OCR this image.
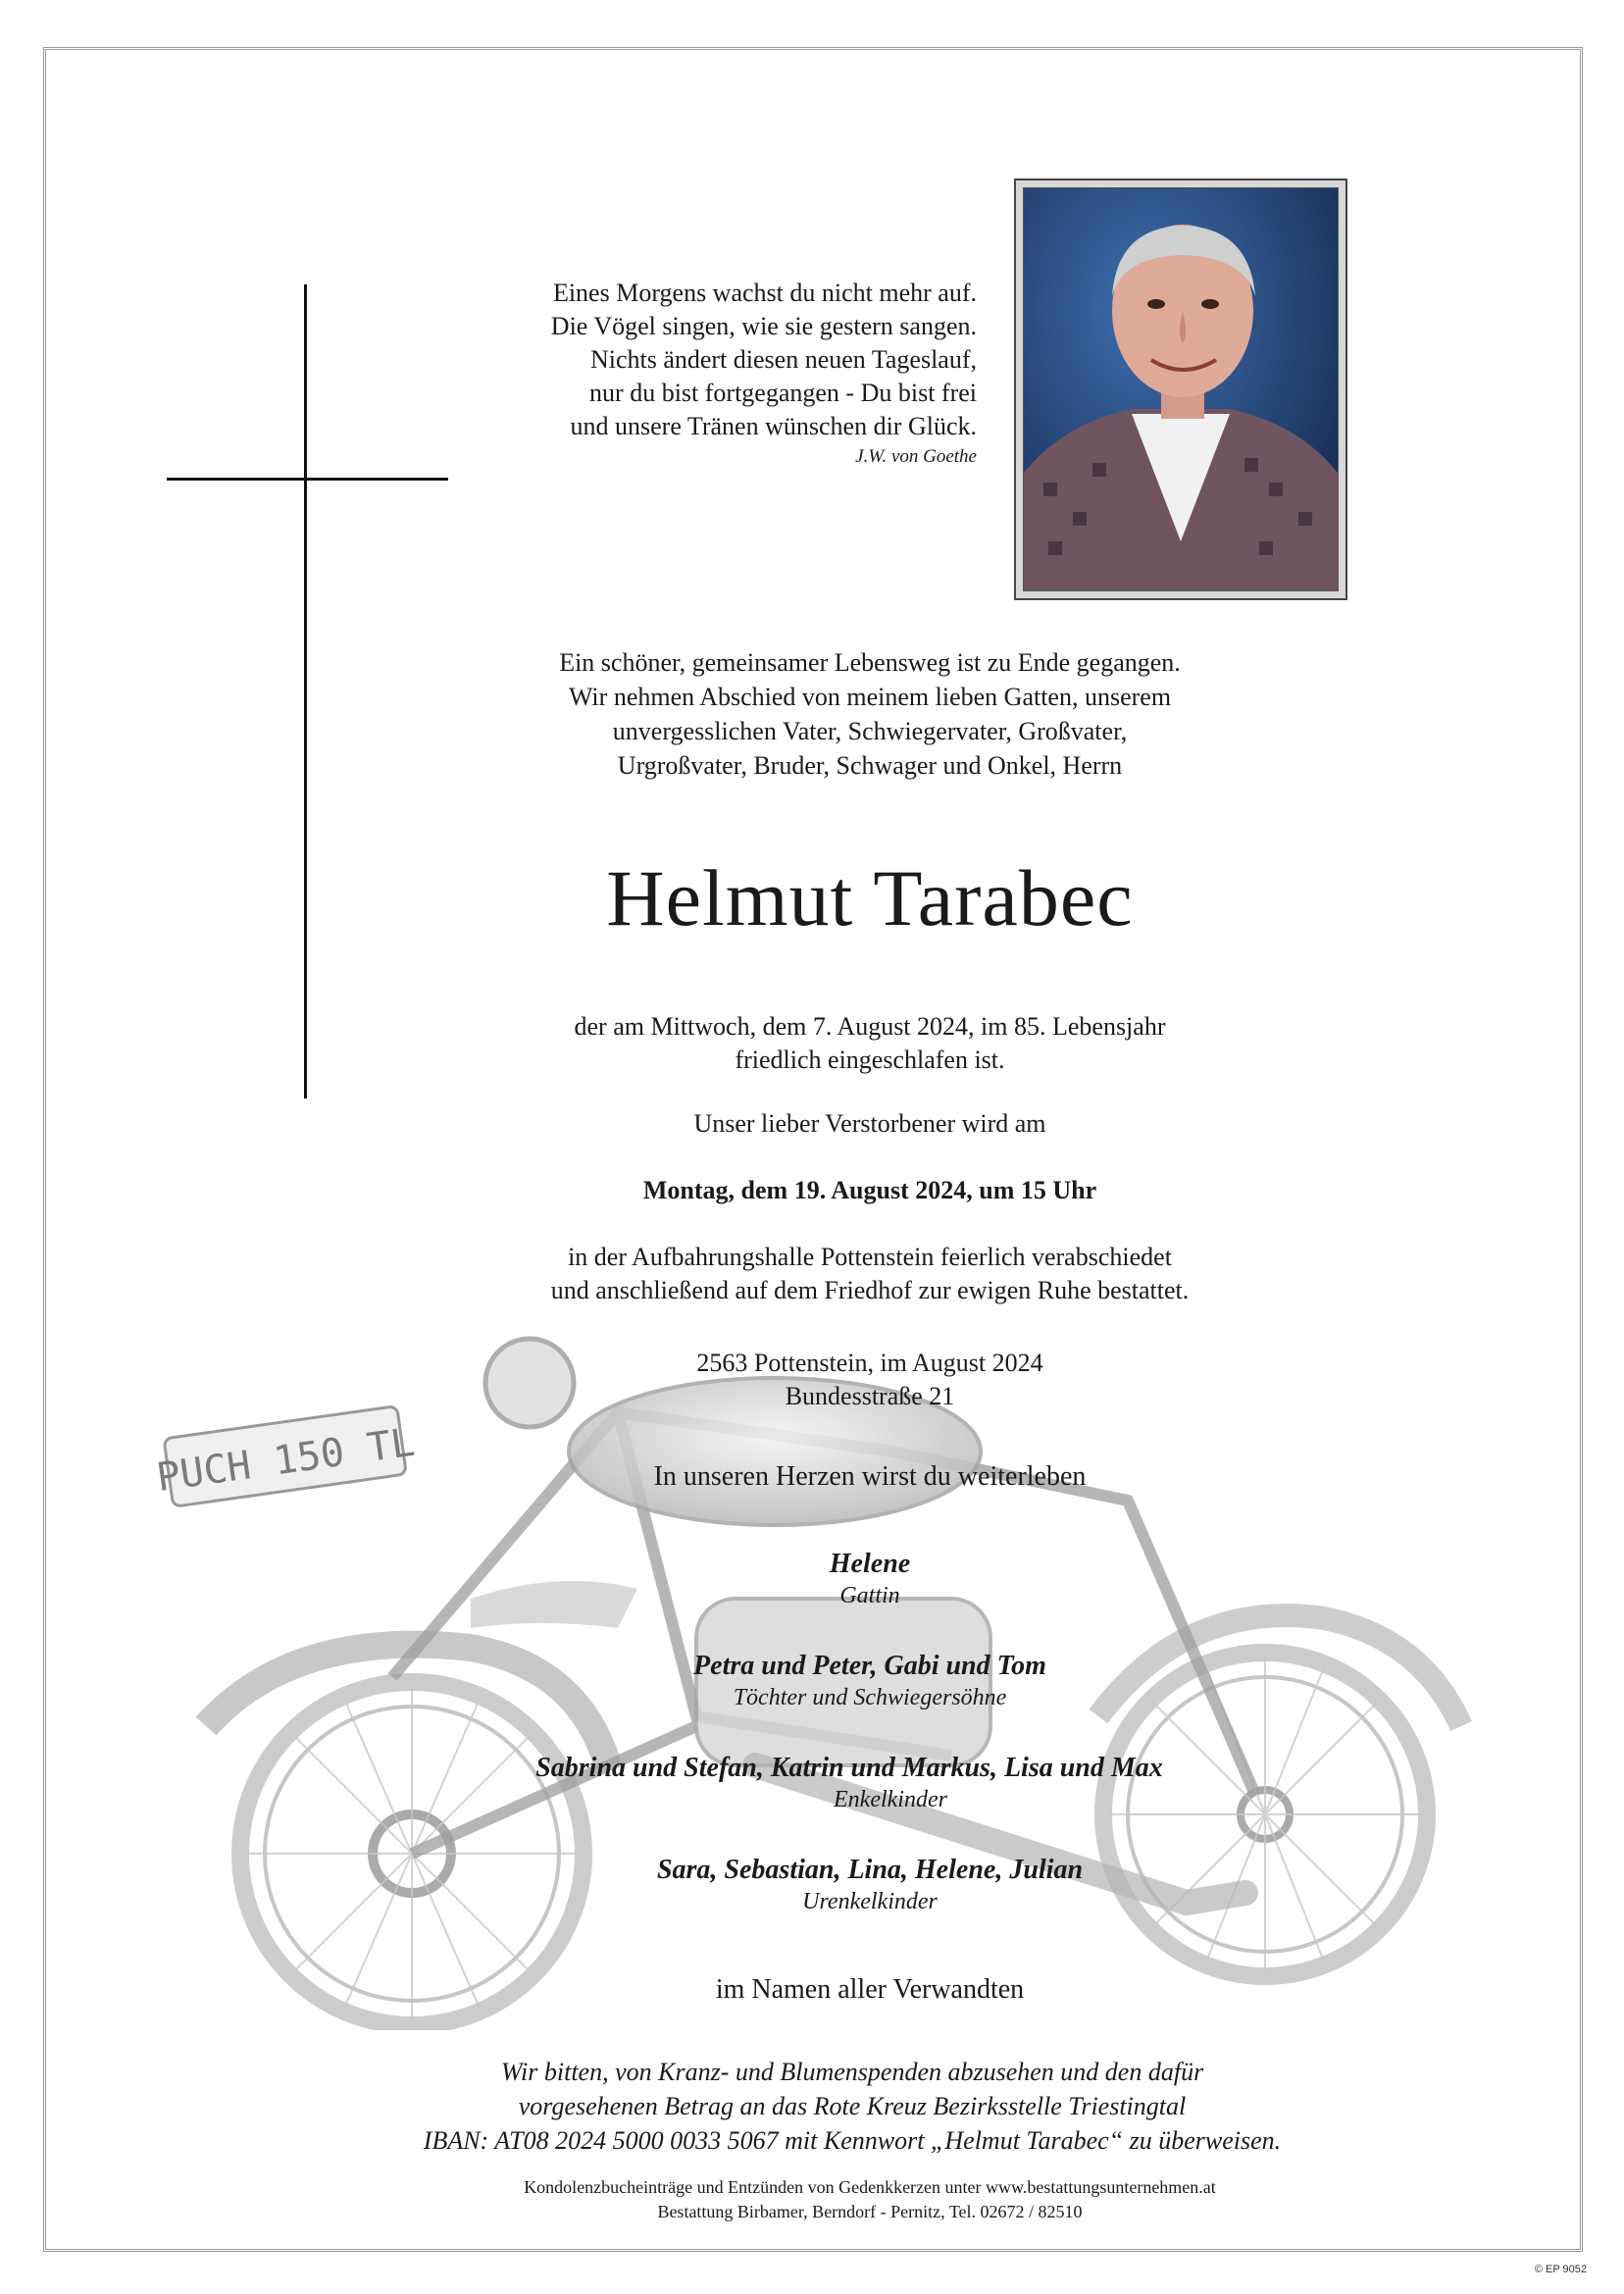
PUCH 150 TL
Eines Morgens wachst du nicht mehr auf.
Die Vögel singen, wie sie gestern sangen.
Nichts ändert diesen neuen Tageslauf,
nur du bist fortgegangen - Du bist frei
und unsere Tränen wünschen dir Glück.
J.W. von Goethe
Ein schöner, gemeinsamer Lebensweg ist zu Ende gegangen.
Wir nehmen Abschied von meinem lieben Gatten, unserem
unvergesslichen Vater, Schwiegervater, Großvater,
Urgroßvater, Bruder, Schwager und Onkel, Herrn
Helmut Tarabec
der am Mittwoch, dem 7. August 2024, im 85. Lebensjahr
friedlich eingeschlafen ist.
Unser lieber Verstorbener wird am
Montag, dem 19. August 2024, um 15 Uhr
in der Aufbahrungshalle Pottenstein feierlich verabschiedet
und anschließend auf dem Friedhof zur ewigen Ruhe bestattet.
2563 Pottenstein, im August 2024
Bundesstraße 21
In unseren Herzen wirst du weiterleben
Helene
Gattin
Petra und Peter, Gabi und Tom
Töchter und Schwiegersöhne
Sabrina und Stefan, Katrin und Markus, Lisa und Max
Enkelkinder
Sara, Sebastian, Lina, Helene, Julian
Urenkelkinder
im Namen aller Verwandten
Wir bitten, von Kranz- und Blumenspenden abzusehen und den dafür
vorgesehenen Betrag an das Rote Kreuz Bezirksstelle Triestingtal
IBAN: AT08 2024 5000 0033 5067 mit Kennwort „Helmut Tarabec“ zu überweisen.
Kondolenzbucheinträge und Entzünden von Gedenkkerzen unter www.bestattungsunternehmen.at
Bestattung Birbamer, Berndorf - Pernitz, Tel. 02672 / 82510
© EP 9052
